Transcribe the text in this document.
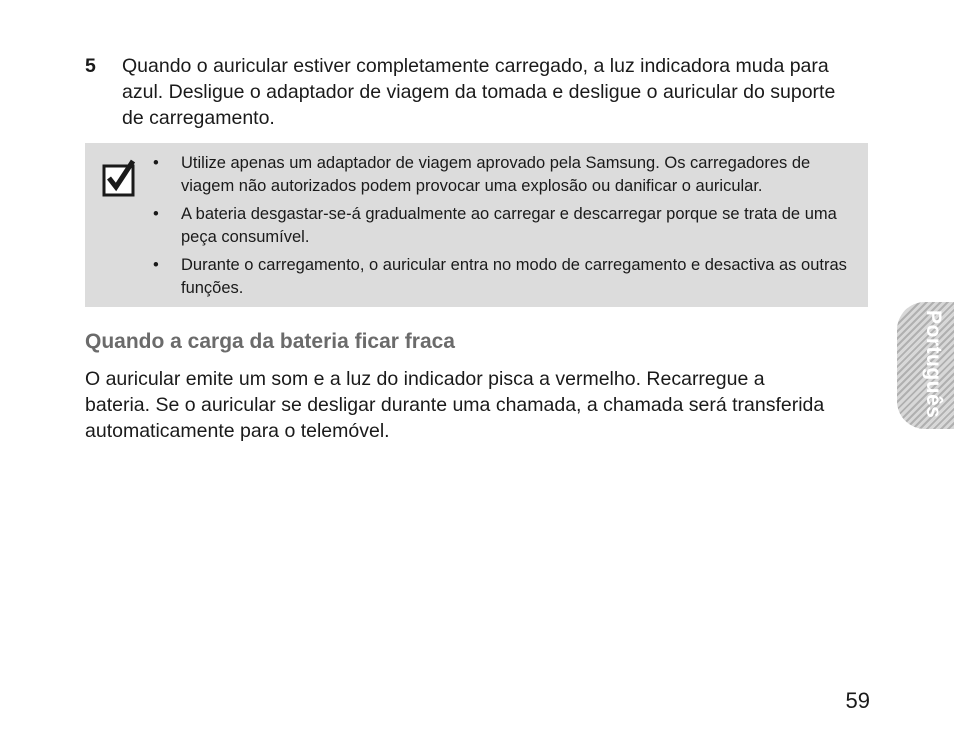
5 Quando o auricular estiver completamente carregado, a luz indicadora muda para azul. Desligue o adaptador de viagem da tomada e desligue o auricular do suporte de carregamento.
• Utilize apenas um adaptador de viagem aprovado pela Samsung. Os carregadores de viagem não autorizados podem provocar uma explosão ou danificar o auricular.
• A bateria desgastar-se-á gradualmente ao carregar e descarregar porque se trata de uma peça consumível.
• Durante o carregamento, o auricular entra no modo de carregamento e desactiva as outras funções.
Quando a carga da bateria ficar fraca

O auricular emite um som e a luz do indicador pisca a vermelho. Recarregue a bateria. Se o auricular se desligar durante uma chamada, a chamada será transferida automaticamente para o telemóvel.

Português
59
